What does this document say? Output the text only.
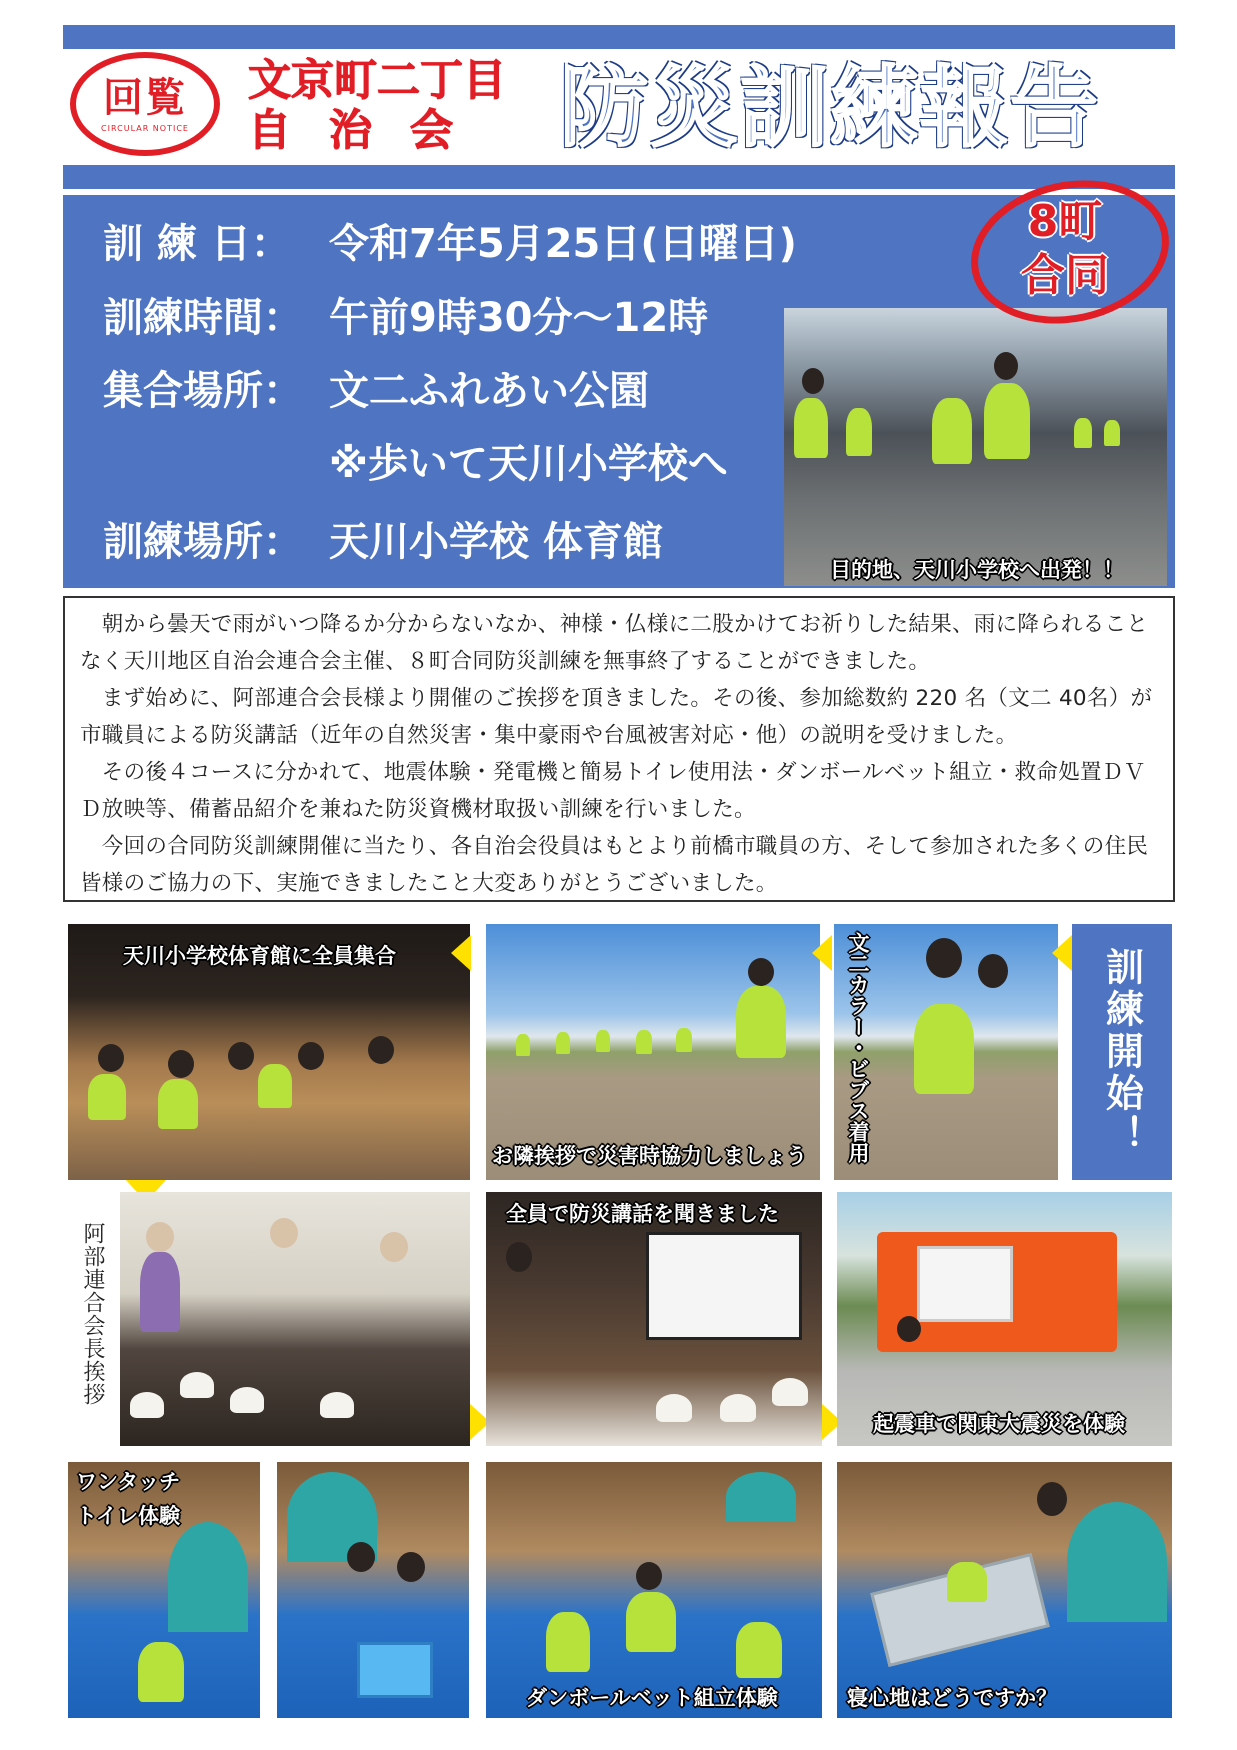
回覧
CIRCULAR NOTICE
文京町二丁目
自治会 防災訓練報告
訓 練 日： 令和7年5月25日(日曜日)
訓練時間： 午前9時30分～12時
集合場所： 文二ふれあい公園
※歩いて天川小学校へ
訓練場所： 天川小学校 体育館
目的地、天川小学校へ出発！！
8町
合同
　朝から曇天で雨がいつ降るか分からないなか、神様・仏様に二股かけてお祈りした結果、雨に降られることなく天川地区自治会連合会主催、８町合同防災訓練を無事終了することができました。
　まず始めに、阿部連合会長様より開催のご挨拶を頂きました。その後、参加総数約 220 名（文二 40名）が市職員による防災講話（近年の自然災害・集中豪雨や台風被害対応・他）の説明を受けました。
　その後４コースに分かれて、地震体験・発電機と簡易トイレ使用法・ダンボールベット組立・救命処置ＤＶＤ放映等、備蓄品紹介を兼ねた防災資機材取扱い訓練を行いました。
　今回の合同防災訓練開催に当たり、各自治会役員はもとより前橋市職員の方、そして参加された多くの住民皆様のご協力の下、実施できましたこと大変ありがとうございました。
天川小学校体育館に全員集合
お隣挨拶で災害時協力しましょう 文二カラー・ビブス着用	訓練開始！
阿部連合会長挨拶
全員で防災講話を聞きました
起震車で関東大震災を体験
ワンタッチ
トイレ体験
ダンボールベット組立体験	寝心地はどうですか？
